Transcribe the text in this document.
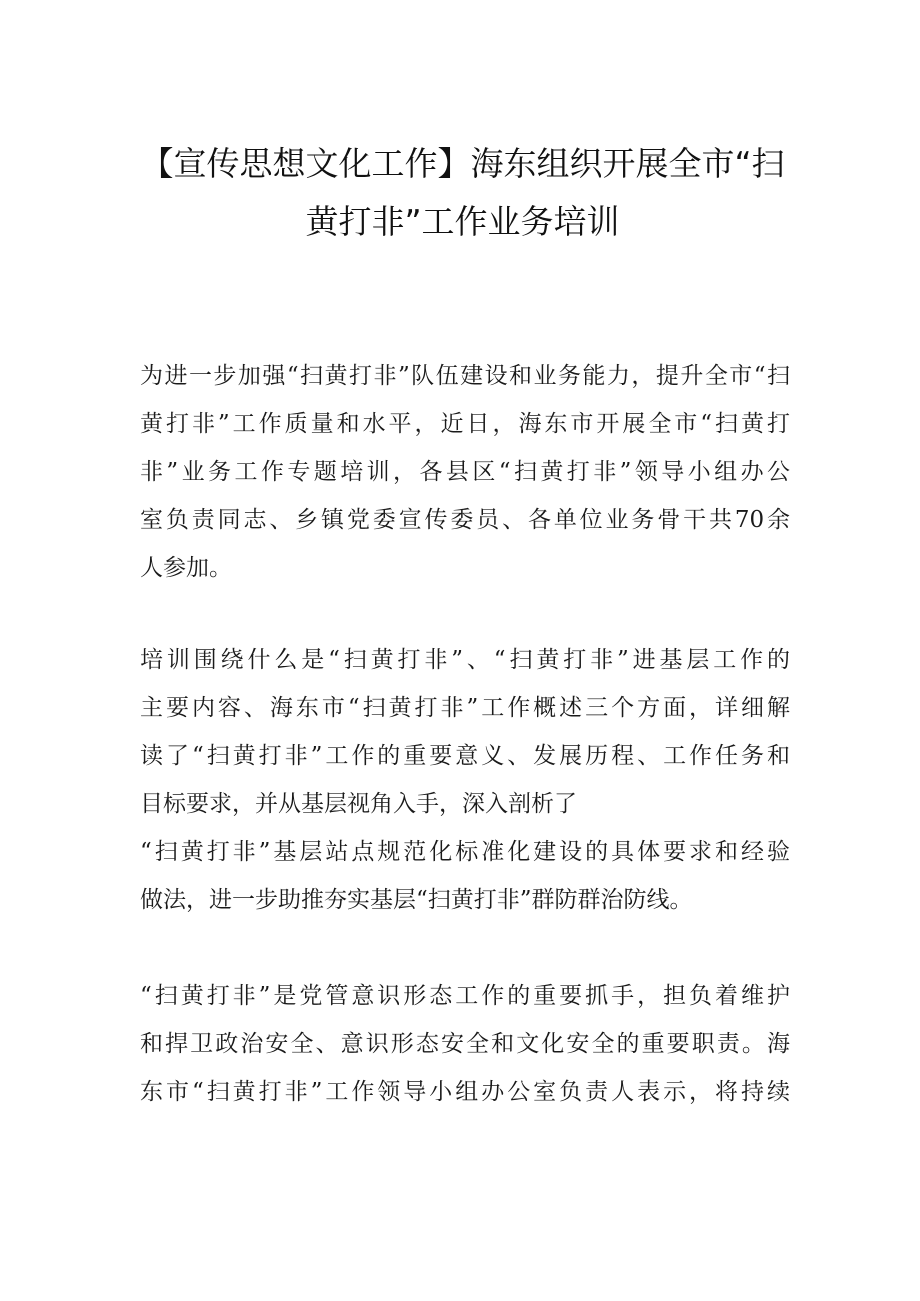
【宣传思想文化工作】海东组织开展全市“扫
黄打非”工作业务培训
为进一步加强“扫黄打非”队伍建设和业务能力，提升全市“扫
黄打非”工作质量和水平，近日，海东市开展全市“扫黄打
非”业务工作专题培训，各县区“扫黄打非”领导小组办公
室负责同志、乡镇党委宣传委员、各单位业务骨干共70余
人参加。
培训围绕什么是“扫黄打非”、“扫黄打非”进基层工作的
主要内容、海东市“扫黄打非”工作概述三个方面，详细解
读了“扫黄打非”工作的重要意义、发展历程、工作任务和
目标要求，并从基层视角入手，深入剖析了
“扫黄打非”基层站点规范化标准化建设的具体要求和经验
做法，进一步助推夯实基层“扫黄打非”群防群治防线。
“扫黄打非”是党管意识形态工作的重要抓手，担负着维护
和捍卫政治安全、意识形态安全和文化安全的重要职责。海
东市“扫黄打非”工作领导小组办公室负责人表示，将持续
